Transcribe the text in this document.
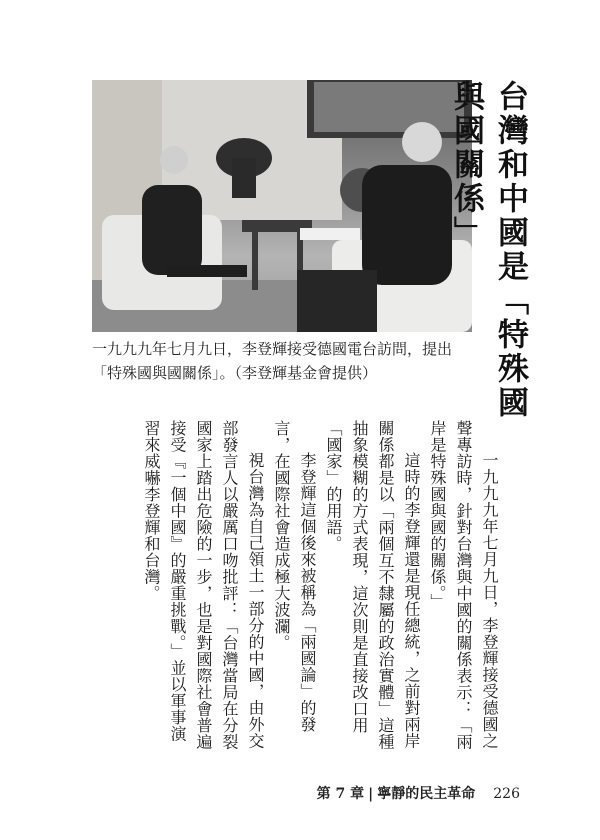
一九九九年七月九日，李登輝接受德國電台訪問，提出「特殊國與國關係」。（李登輝基金會提供）	台灣和中國是「特殊國與國關係」

一九九九年七月九日，李登輝接受德國之聲專訪時，針對台灣與中國的關係表示：「兩岸是特殊國與國的關係。」

這時的李登輝還是現任總統，之前對兩岸關係都是以「兩個互不隸屬的政治實體」這種抽象模糊的方式表現，這次則是直接改口用「國家」的用語。

李登輝這個後來被稱為「兩國論」的發言，在國際社會造成極大波瀾。

視台灣為自己領土一部分的中國，由外交部發言人以嚴厲口吻批評：「台灣當局在分裂國家上踏出危險的一步，也是對國際社會普遍接受『一個中國』的嚴重挑戰。」並以軍事演習來威嚇李登輝和台灣。

第 7 章 | 寧靜的民主革命 226
